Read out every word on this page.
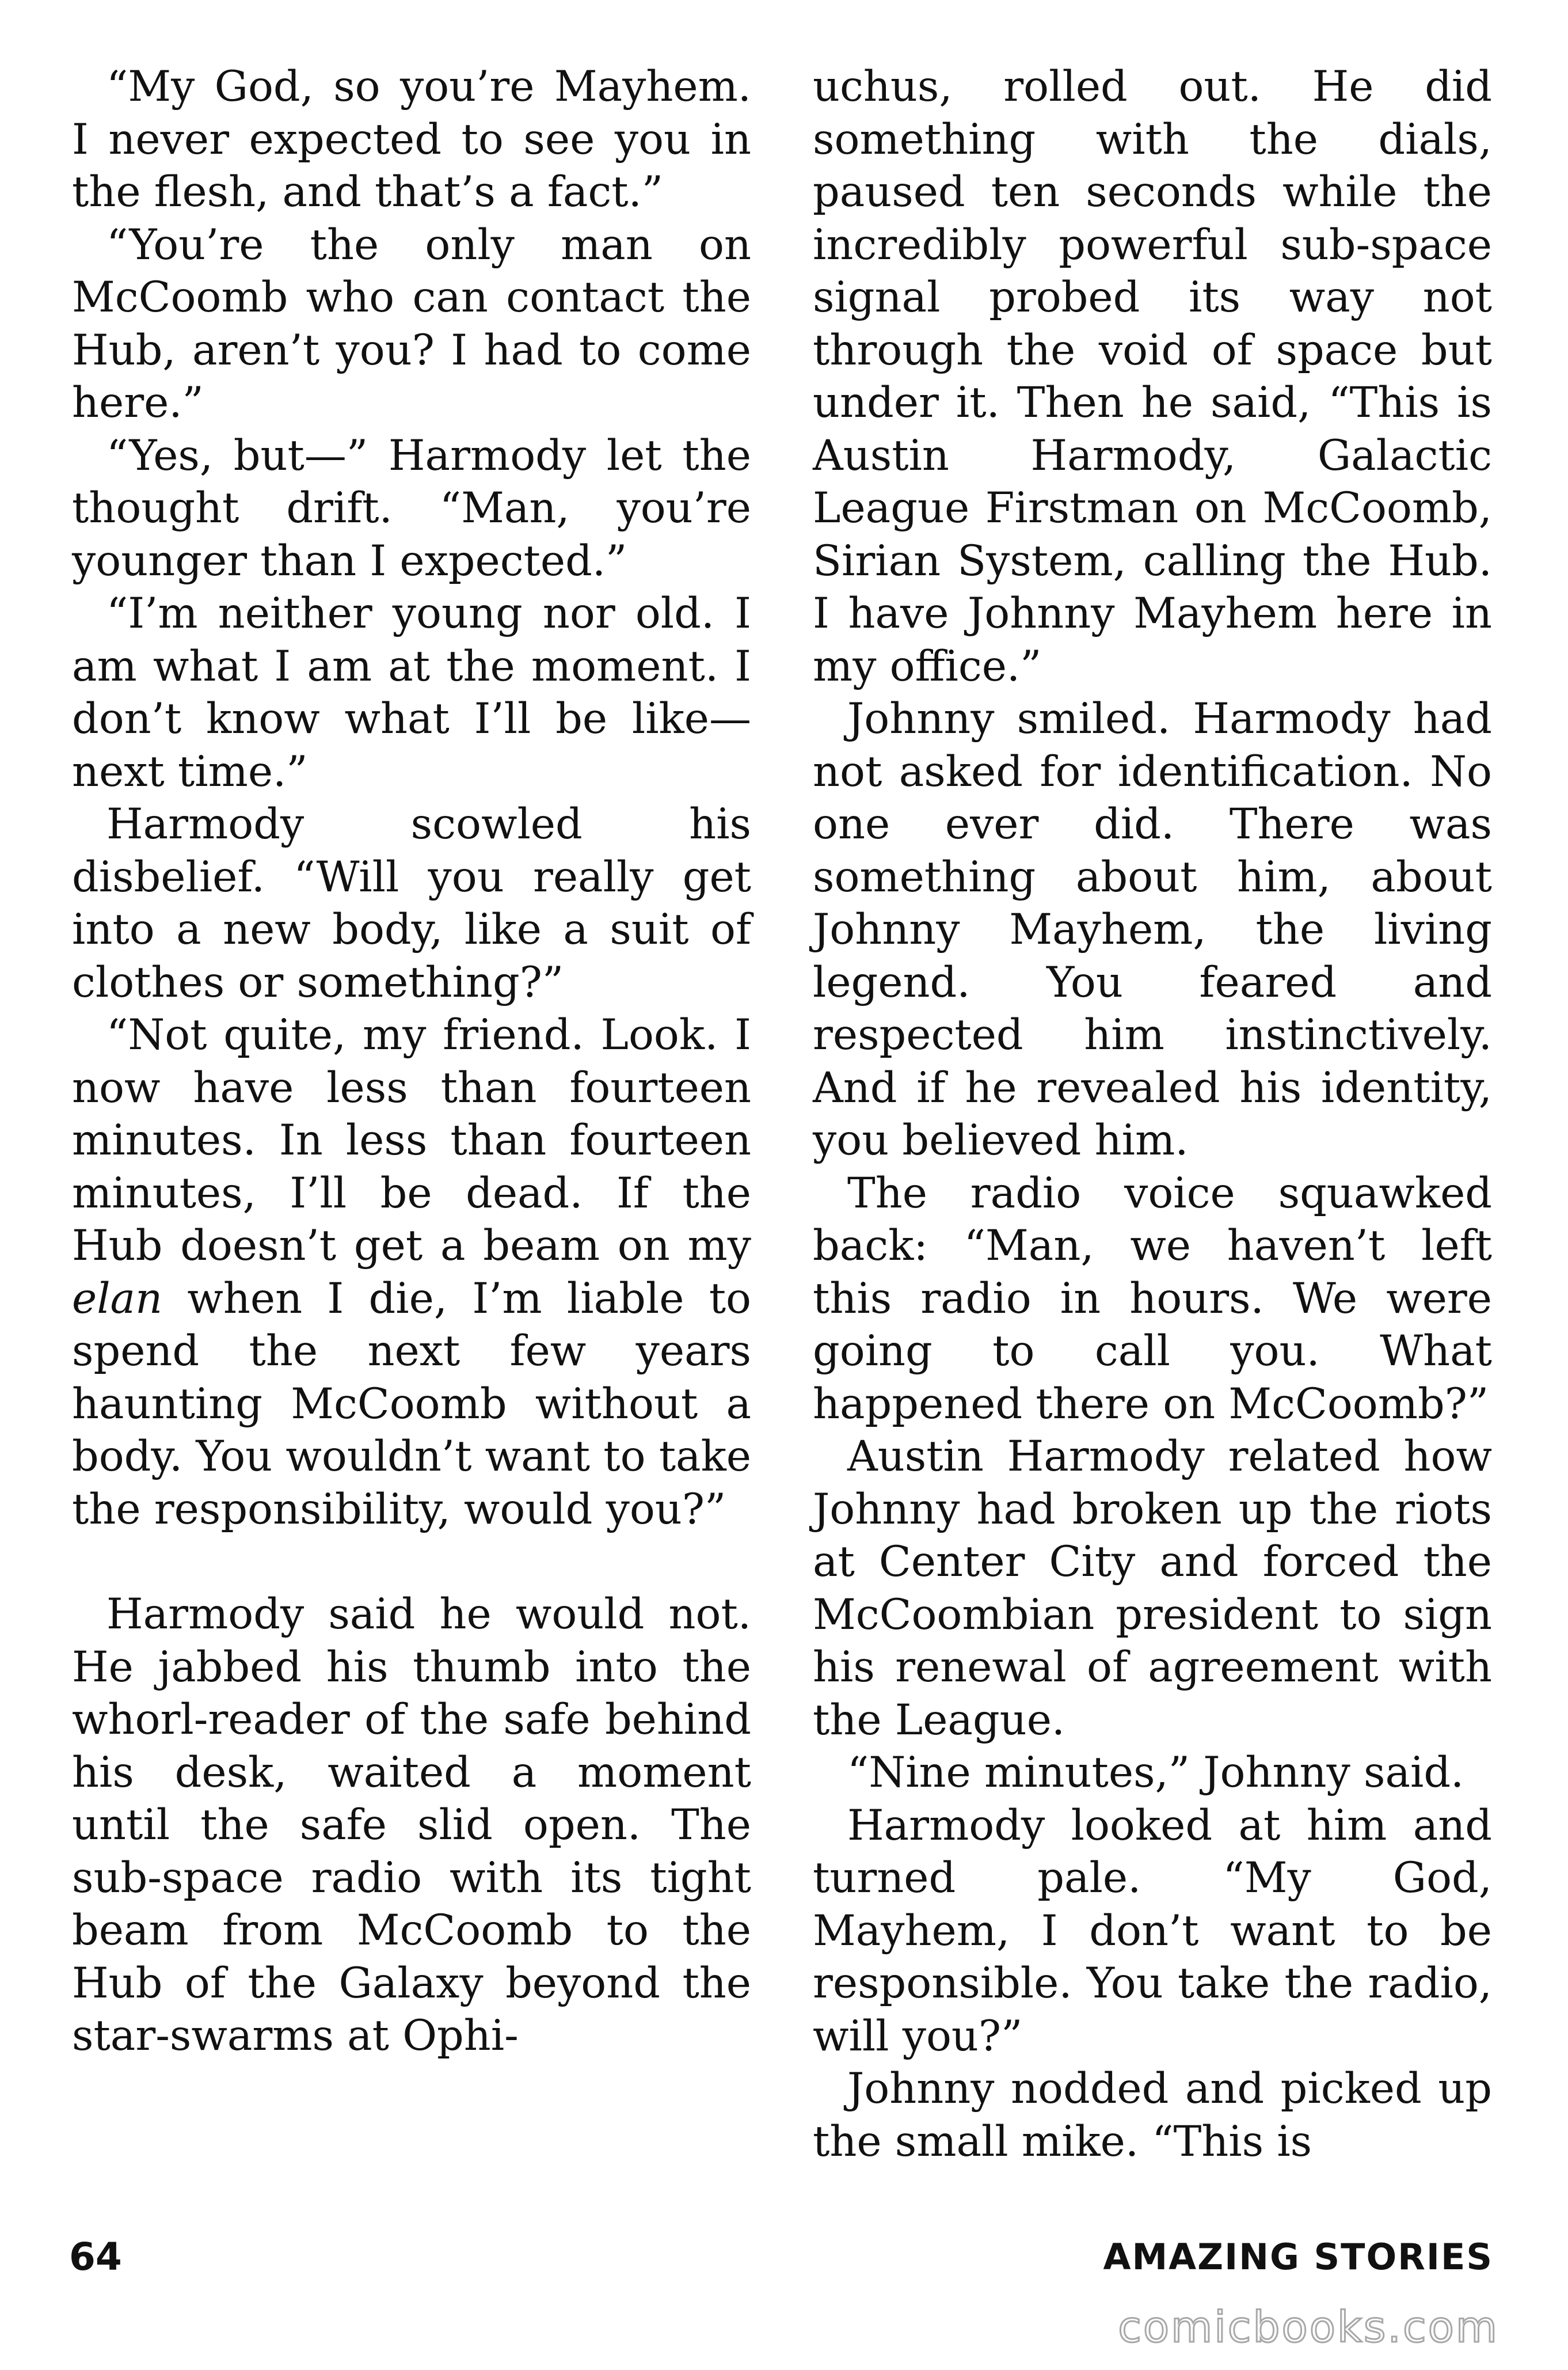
“My God, so you’re Mayhem. I never expected to see you in the flesh, and that’s a fact.”

“You’re the only man on McCoomb who can contact the Hub, aren’t you? I had to come here.”

“Yes, but—” Harmody let the thought drift. “Man, you’re younger than I expected.”

“I’m neither young nor old. I am what I am at the moment. I don’t know what I’ll be like—next time.”

Harmody scowled his disbelief. “Will you really get into a new body, like a suit of clothes or something?”

“Not quite, my friend. Look. I now have less than fourteen minutes. In less than fourteen minutes, I’ll be dead. If the Hub doesn’t get a beam on my elan when I die, I’m liable to spend the next few years haunting McCoomb without a body. You wouldn’t want to take the responsibility, would you?”

Harmody said he would not. He jabbed his thumb into the whorl-reader of the safe behind his desk, waited a moment until the safe slid open. The sub-space radio with its tight beam from McCoomb to the Hub of the Galaxy beyond the star-swarms at Ophi-

uchus, rolled out. He did something with the dials, paused ten seconds while the incredibly powerful sub-space signal probed its way not through the void of space but under it. Then he said, “This is Austin Harmody, Galactic League Firstman on McCoomb, Sirian System, calling the Hub. I have Johnny Mayhem here in my office.”

Johnny smiled. Harmody had not asked for identification. No one ever did. There was something about him, about Johnny Mayhem, the living legend. You feared and respected him instinctively. And if he revealed his identity, you believed him.

The radio voice squawked back: “Man, we haven’t left this radio in hours. We were going to call you. What happened there on McCoomb?”

Austin Harmody related how Johnny had broken up the riots at Center City and forced the McCoombian president to sign his renewal of agreement with the League.

“Nine minutes,” Johnny said.

Harmody looked at him and turned pale. “My God, Mayhem, I don’t want to be responsible. You take the radio, will you?”

Johnny nodded and picked up the small mike. “This is

64	AMAZING STORIES
comicbooks.com
